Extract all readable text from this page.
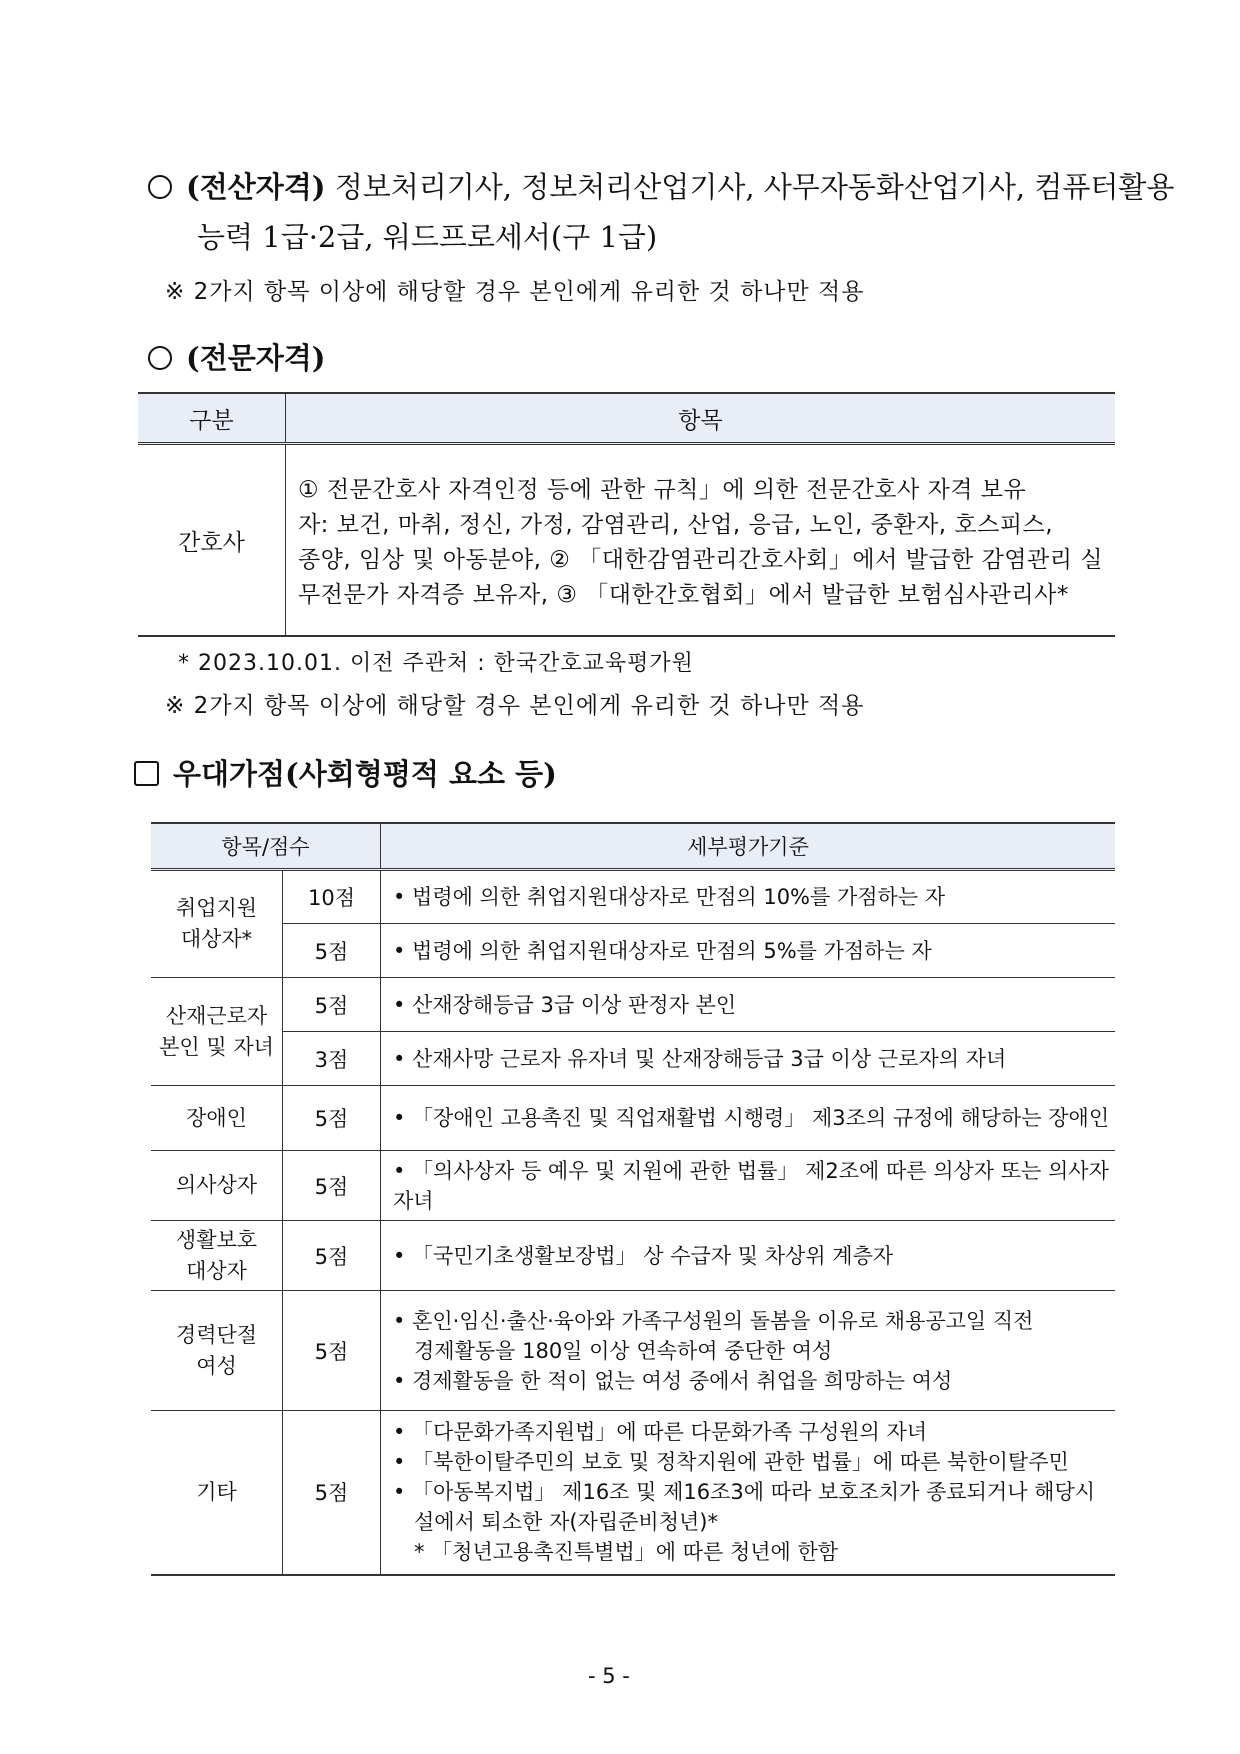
(전산자격) 정보처리기사, 정보처리산업기사, 사무자동화산업기사, 컴퓨터활용
능력 1급·2급, 워드프로세서(구 1급)
※ 2가지 항목 이상에 해당할 경우 본인에게 유리한 것 하나만 적용
(전문자격)
구분	항목
간호사	① 전문간호사 자격인정 등에 관한 규칙」에 의한 전문간호사 자격 보유
자: 보건, 마취, 정신, 가정, 감염관리, 산업, 응급, 노인, 중환자, 호스피스,
종양, 임상 및 아동분야, ② 「대한감염관리간호사회」에서 발급한 감염관리 실
무전문가 자격증 보유자, ③ 「대한간호협회」에서 발급한 보험심사관리사*
* 2023.10.01. 이전 주관처 : 한국간호교육평가원
※ 2가지 항목 이상에 해당할 경우 본인에게 유리한 것 하나만 적용
우대가점(사회형평적 요소 등)
항목/점수		세부평가기준

취업지원
대상자*	10점	• 법령에 의한 취업지원대상자로 만점의 10%를 가점하는 자
	5점	• 법령에 의한 취업지원대상자로 만점의 5%를 가점하는 자

산재근로자
본인 및 자녀	5점	• 산재장해등급 3급 이상 판정자 본인
	3점	• 산재사망 근로자 유자녀 및 산재장해등급 3급 이상 근로자의 자녀

장애인	5점	• 「장애인 고용촉진 및 직업재활법 시행령」 제3조의 규정에 해당하는 장애인

의사상자	5점	• 「의사상자 등 예우 및 지원에 관한 법률」 제2조에 따른 의상자 또는 의사자 자녀

생활보호
대상자	5점	• 「국민기초생활보장법」 상 수급자 및 차상위 계층자

경력단절
여성	5점	• 혼인·임신·출산·육아와 가족구성원의 돌봄을 이유로 채용공고일 직전
경제활동을 180일 이상 연속하여 중단한 여성
• 경제활동을 한 적이 없는 여성 중에서 취업을 희망하는 여성

기타	5점	• 「다문화가족지원법」에 따른 다문화가족 구성원의 자녀
• 「북한이탈주민의 보호 및 정착지원에 관한 법률」에 따른 북한이탈주민
• 「아동복지법」 제16조 및 제16조3에 따라 보호조치가 종료되거나 해당시
설에서 퇴소한 자(자립준비청년)*
* 「청년고용촉진특별법」에 따른 청년에 한함
- 5 -
